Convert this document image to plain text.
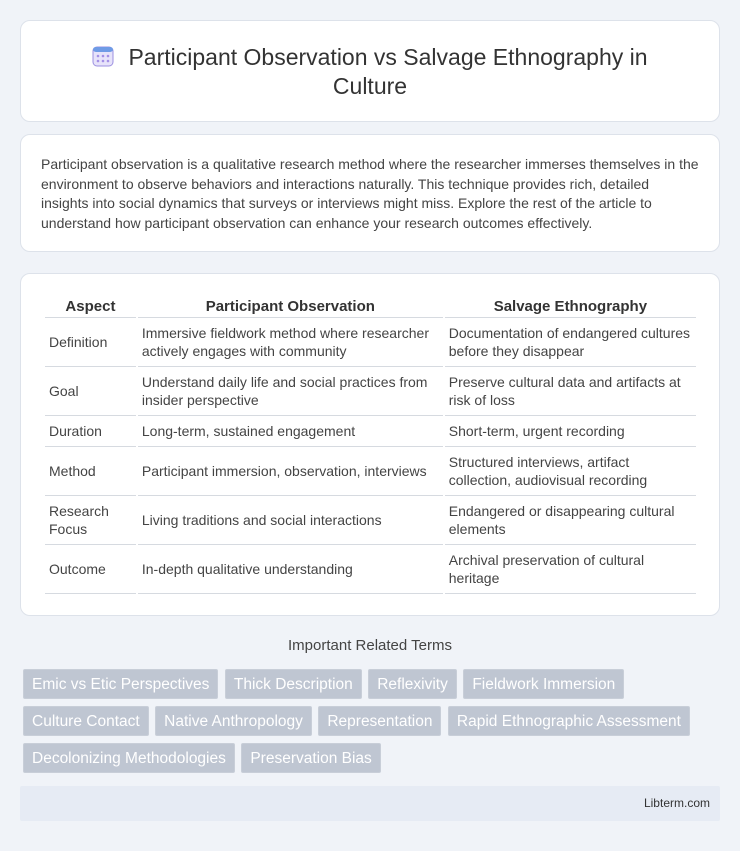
Participant Observation vs Salvage Ethnography in Culture

Participant observation is a qualitative research method where the researcher immerses themselves in the environment to observe behaviors and interactions naturally. This technique provides rich, detailed insights into social dynamics that surveys or interviews might miss. Explore the rest of the article to understand how participant observation can enhance your research outcomes effectively.

Aspect	Participant Observation	Salvage Ethnography
Definition	Immersive fieldwork method where researcher actively engages with community	Documentation of endangered cultures before they disappear
Goal	Understand daily life and social practices from insider perspective	Preserve cultural data and artifacts at risk of loss
Duration	Long-term, sustained engagement	Short-term, urgent recording
Method	Participant immersion, observation, interviews	Structured interviews, artifact collection, audiovisual recording
Research Focus	Living traditions and social interactions	Endangered or disappearing cultural elements
Outcome	In-depth qualitative understanding	Archival preservation of cultural heritage
Important Related Terms
Emic vs Etic Perspectives Thick Description Reflexivity Fieldwork Immersion
Culture Contact Native Anthropology Representation Rapid Ethnographic Assessment
Decolonizing Methodologies Preservation Bias
Libterm.com
